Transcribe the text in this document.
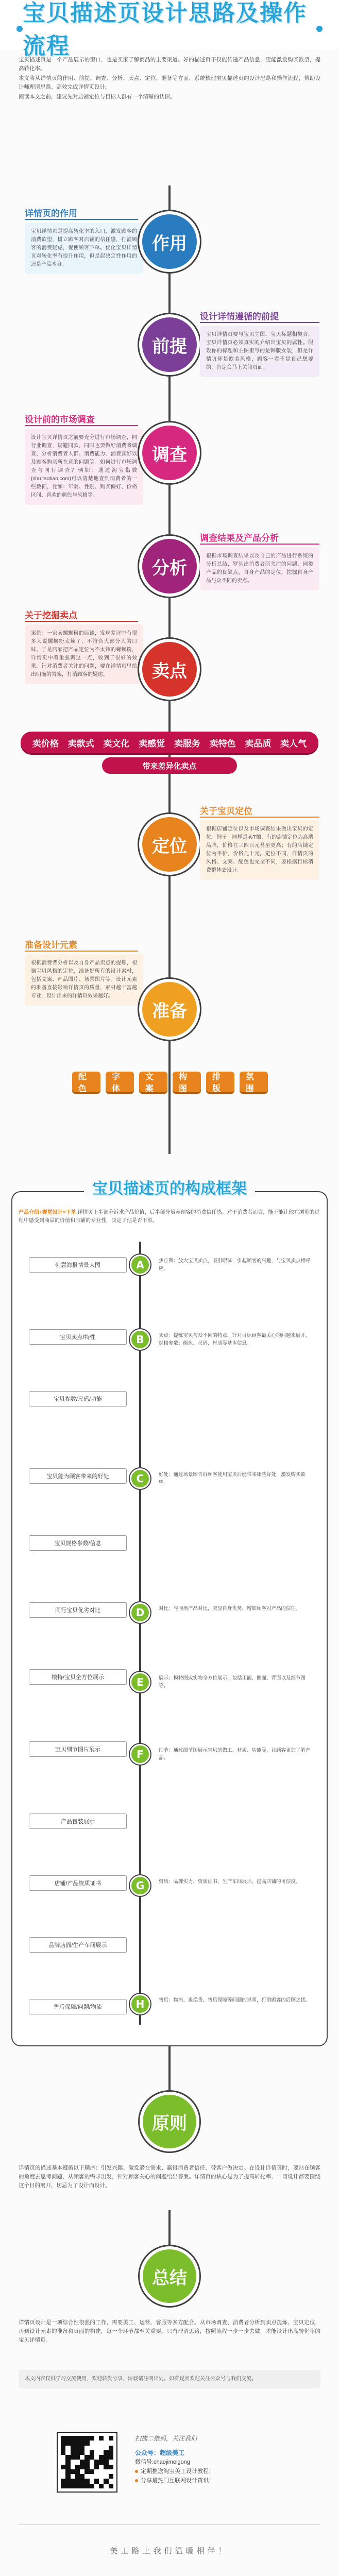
宝贝描述页设计思路及操作流程

宝贝描述页是一个产品展示的窗口，也是买家了解商品的主要渠道。好的描述页不仅能传递产品信息，更能激发购买欲望，提高转化率。

本文将从详情页的作用、前提、调查、分析、卖点、定位、准备等方面，系统梳理宝贝描述页的设计思路和操作流程，帮助设计师理清思路、高效完成详情页设计。

阅读本文之前，建议先对店铺定位与目标人群有一个清晰的认识。

详情页的作用
宝贝详情页是提高转化率的入口，激发顾客的消费欲望，树立顾客对店铺的信任感，打消顾客的消费疑虑，促使顾客下单。优化宝贝详情页对转化率有提升作用，但是起决定性作用的还是产品本身。
作用
前提
设计详情遵循的前提
宝贝详情页要与宝贝主图、宝贝标题相契合，宝贝详情页必须真实的介绍出宝贝的属性。假设你的标题和主图里写的是韩版女装，但是详情页却是欧美风格，顾客一看不是自己想要的，肯定会马上关闭页面。
设计前的市场调查
设计宝贝详情页之前要充分进行市场调查，同行业调查，规避同款，同时也要做好消费者调查，分析消费者人群、消费能力、消费喜好以及顾客购买所在意的问题等。如何进行市场调查与同行调查？例如：通过淘宝指数(shu.taobao.com)可以清楚地查到消费者的一些数据，比如：年龄、性别、购买偏好、价格区间、喜欢的颜色与风格等。
调查
分析
调查结果及产品分析
根据市场调查结果以及自己的产品进行系统的分析总结，罗列出消费者所关注的问题，同类产品的优缺点，自身产品的定位，挖掘自身产品与众不同的卖点。
关于挖掘卖点
案例：一家卖螺蛳粉的店铺，发现差评中有很多人说螺蛳粉太辣了，不符合大部分人的口味，于是店家把产品定位为不太辣的螺蛳粉，详情页中着重强调这一点，收到了很好的效果。针对消费者关注的问题，要在详情页里给出明确的答案，打消顾客的疑虑。	卖点
卖价格 卖款式 卖文化 卖感觉 卖服务 卖特色 卖品质 卖人气
带来差异化卖点
定位
关于宝贝定位
根据店铺定位以及市场调查结果做出宝贝的定位。例子：同样是卖T恤，有的店铺定位为高端品牌，价格在三四百元甚至更高；有的店铺定位为平价，价格几十元。定位不同，详情页的风格、文案、配色也完全不同，要根据目标消费群体去设计。
准备设计元素
根据消费者分析以及自身产品卖点的提炼，根据宝贝风格的定位，准备好所有的设计素材，包括文案、产品图片、场景图片等。设计元素的准备直接影响详情页的质量，素材越丰富越专业，设计出来的详情页效果越好。
准备
配色
字体
文案
构图
排版
氛围
宝贝描述页的构成框架
产品介绍+视觉设计=下单 详情页上半部分诉求产品价值，后半部分培养顾客的消费信任感。对于消费者而言，能不能让他在浏览的过程中感受到商品的价值和店铺的专业性，决定了他是否下单。
创意海报情景大图
宝贝卖点/特性
宝贝参数/尺码/功能
宝贝能为顾客带来的好处
宝贝规格参数/信息
同行宝贝优劣对比
模特/宝贝全方位展示
宝贝细节图片展示
产品包装展示
店铺/产品资质证书
品牌店面/生产车间展示
售后保障/问题/物流
A	焦点图：放大宝贝卖点，吸引眼球，引起顾客的兴趣，与宝贝卖点相呼应。
B	卖点：提炼宝贝与众不同的特点，针对目标顾客最关心的问题来展开。规格参数：颜色、尺码、材质等基本信息。
C	好处：通过场景图告诉顾客使用宝贝后能带来哪些好处，激发购买欲望。
D	对比：与同类产品对比，突显自身优势，增加顾客对产品的信任。
E	展示：模特图或实物全方位展示，包括正面、侧面、背面以及细节图等。
F	细节：通过细节图展示宝贝的做工、材质、功能等，让顾客更加了解产品。
G	资质：品牌实力、资质证书、生产车间展示，提高店铺的可信度。
H	售后：物流、退换货、售后保障等问题的说明，打消顾客的后顾之忧。
原则
详情页的描述基本遵循以下顺序：引发兴趣、激发潜在需求、赢得消费者信任、替客户做决定。在设计详情页时，要站在顾客的角度去思考问题，从顾客的需求出发，针对顾客关心的问题给出答案。详情页的核心是为了提高转化率，一切设计都要围绕这个目的展开，切忌为了设计而设计。
总结
详情页设计是一项综合性很强的工作，需要美工、运营、客服等多方配合。从市场调查、消费者分析到卖点提炼、宝贝定位，再到设计元素的准备和页面的构建，每一个环节都至关重要。只有理清思路，按照流程一步一步去做，才能设计出高转化率的宝贝详情页。
本文内容仅供学习交流使用，欢迎转发分享，转载请注明出处。如有疑问欢迎关注公众号与我们交流。
扫描二维码，关注我们
公众号：超级美工
微信号:chaojimeigong
定期推送淘宝美工设计教程！
分享最热门互联网设计资讯！
美工路上我们温暖相伴！
